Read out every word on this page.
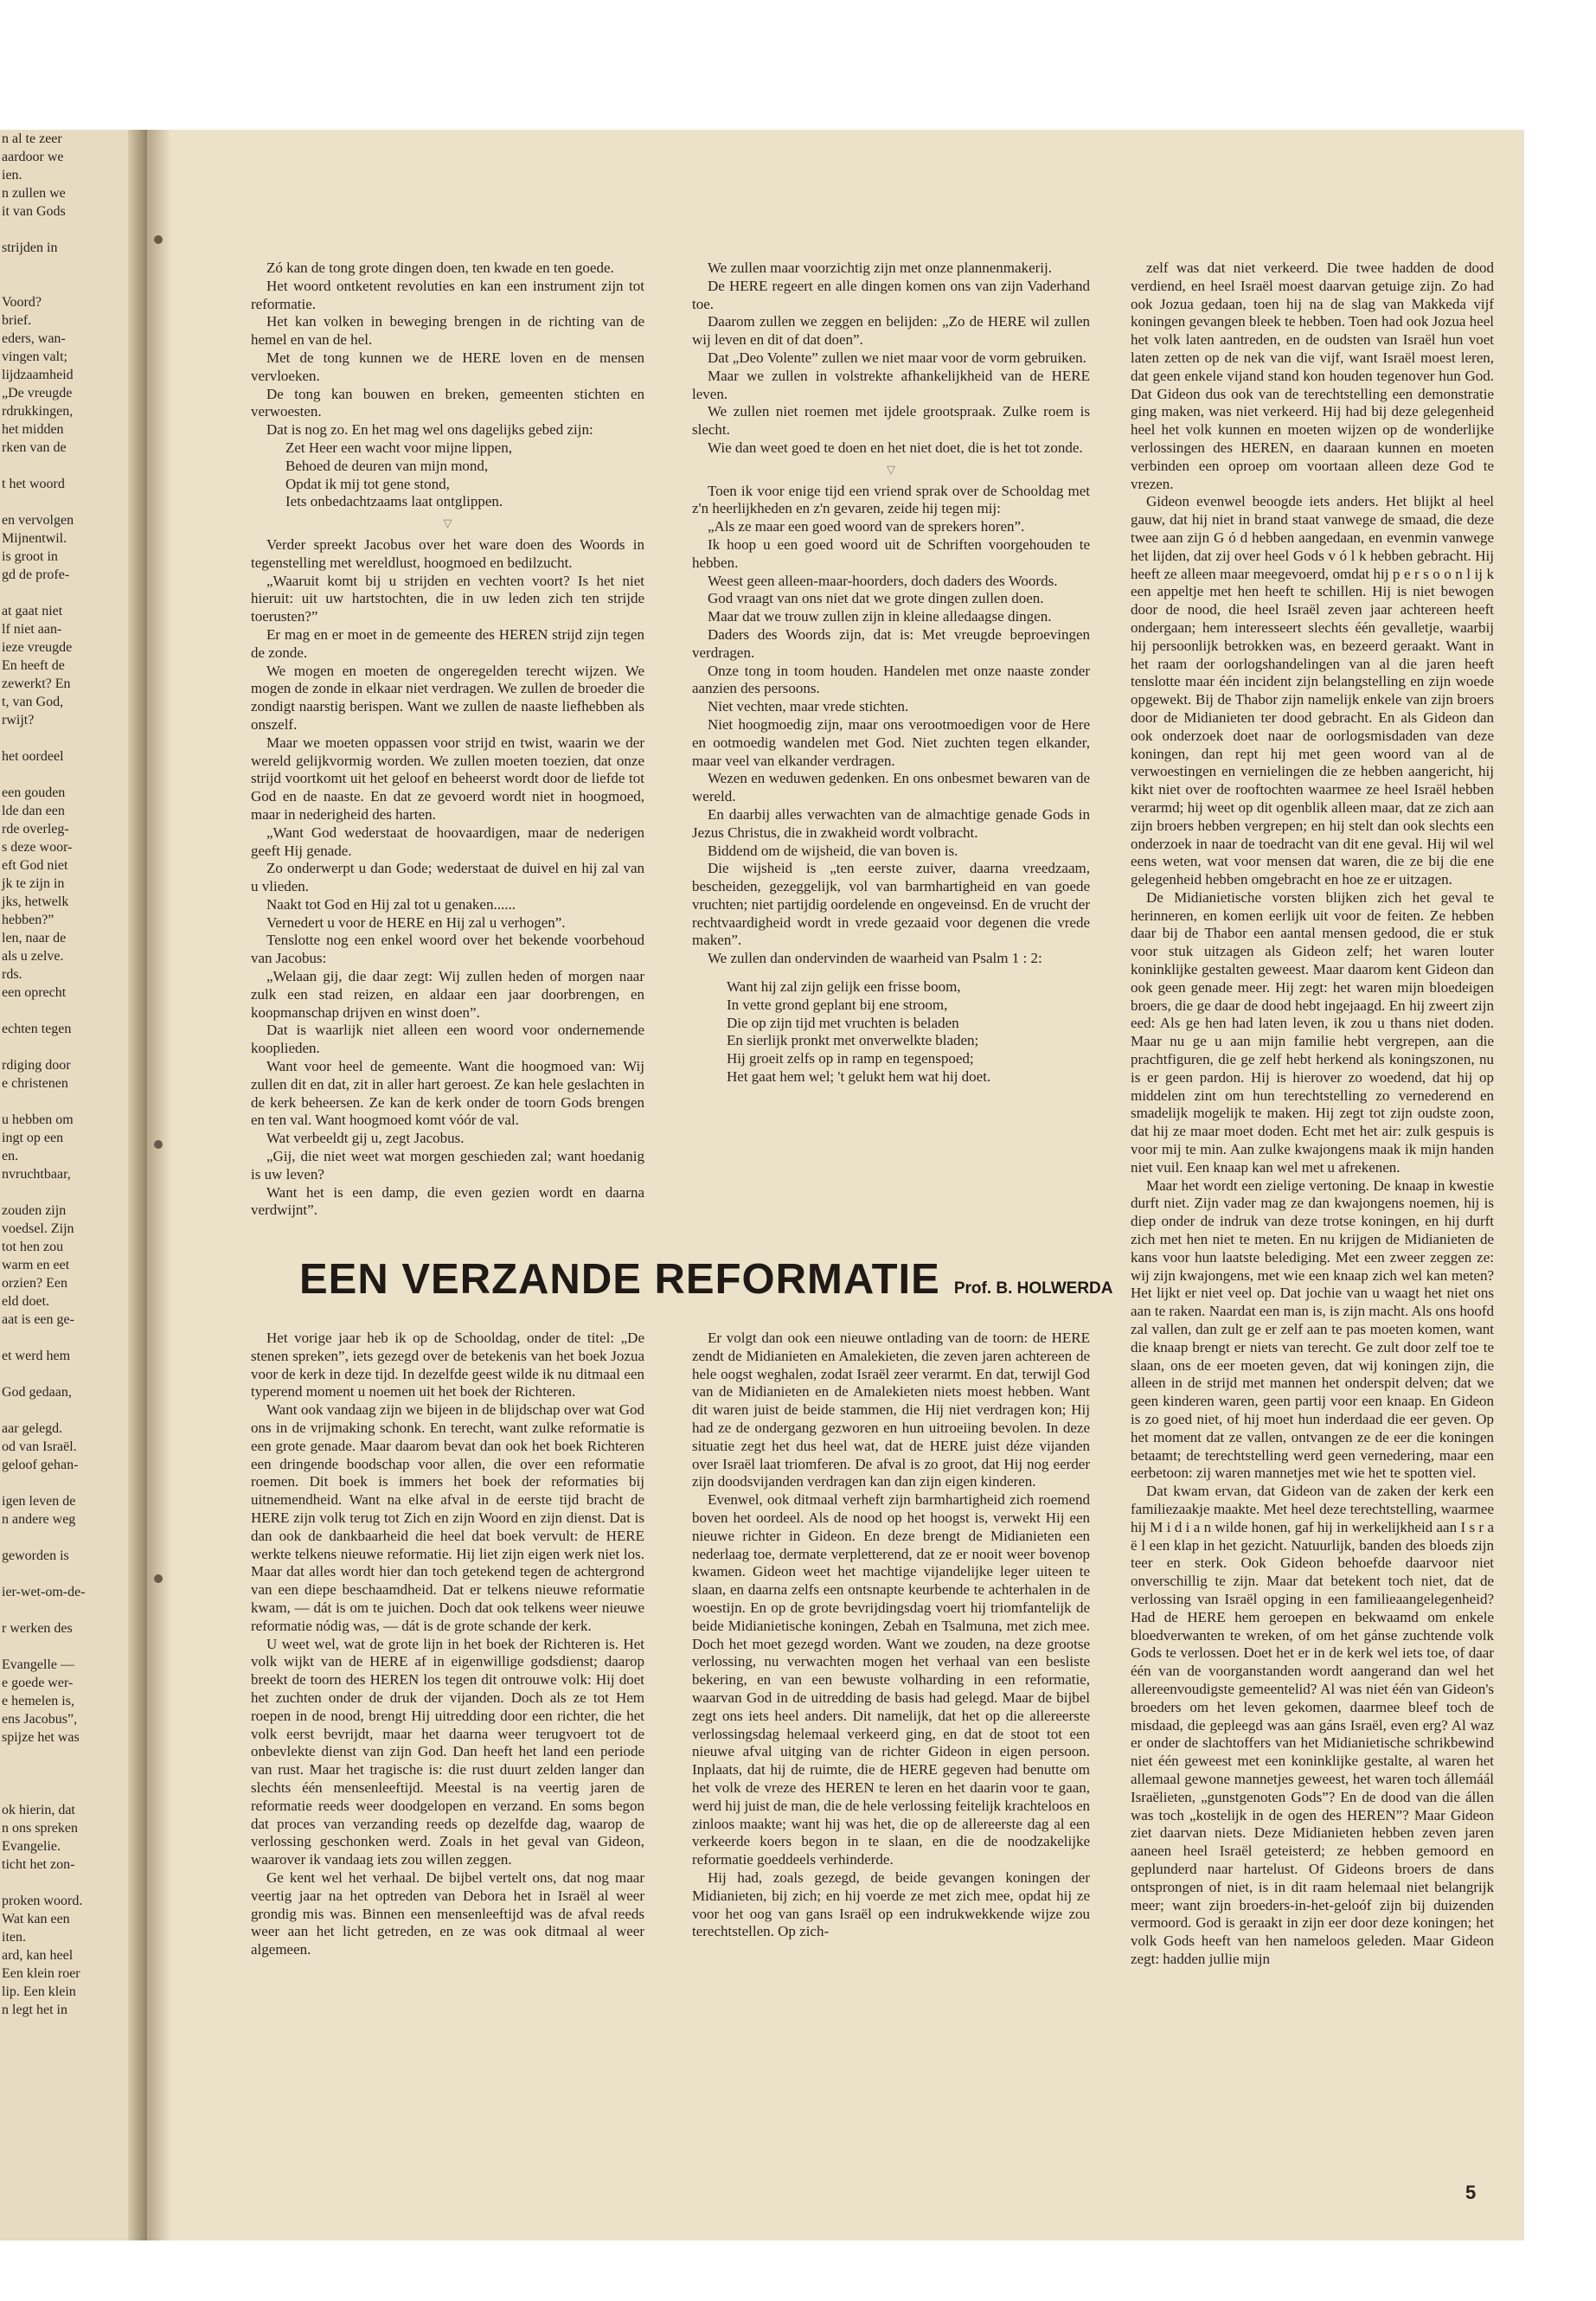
n al te zeer
aardoor we
ien.
n zullen we
it van Gods

strijden in

Voord?
brief.
eders, wan-
vingen valt;
lijdzaamheid
„De vreugde
rdrukkingen,
het midden
rken van de

t het woord

en vervolgen
Mijnentwil.
is groot in
gd de profe-

at gaat niet
lf niet aan-
ieze vreugde
En heeft de
zewerkt? En
t, van God,
rwijt?

het oordeel

een gouden
lde dan een
rde overleg-
s deze woor-
eft God niet
jk te zijn in
jks, hetwelk
hebben?”
len, naar de
als u zelve.
rds.
een oprecht

echten tegen

rdiging door
e christenen

u hebben om
ingt op een
en.
nvruchtbaar,

zouden zijn
voedsel. Zijn
tot hen zou
warm en eet
orzien? Een
eld doet.
aat is een ge-

et werd hem

God gedaan,

aar gelegd.
od van Israël.
geloof gehan-

igen leven de
n andere weg

geworden is

ier-wet-om-de-

r werken des

Evangelle —
e goede wer-
e hemelen is,
ens Jacobus”,
spijze het was

ok hierin, dat
n ons spreken
Evangelie.
ticht het zon-

proken woord.
Wat kan een
iten.
ard, kan heel
Een klein roer
lip. Een klein
n legt het in

Zó kan de tong grote dingen doen, ten kwade en ten goede.

Het woord ontketent revoluties en kan een instrument zijn tot reformatie.

Het kan volken in beweging brengen in de richting van de hemel en van de hel.

Met de tong kunnen we de HERE loven en de mensen vervloeken.

De tong kan bouwen en breken, gemeenten stichten en verwoesten.

Dat is nog zo. En het mag wel ons dagelijks gebed zijn:

Zet Heer een wacht voor mijne lippen,

Behoed de deuren van mijn mond,

Opdat ik mij tot gene stond,

Iets onbedachtzaams laat ontglippen.

▽

Verder spreekt Jacobus over het ware doen des Woords in tegenstelling met wereldlust, hoogmoed en bedilzucht.

„Waaruit komt bij u strijden en vechten voort? Is het niet hieruit: uit uw hartstochten, die in uw leden zich ten strijde toerusten?”

Er mag en er moet in de gemeente des HEREN strijd zijn tegen de zonde.

We mogen en moeten de ongeregelden terecht wijzen. We mogen de zonde in elkaar niet verdragen. We zullen de broeder die zondigt naarstig berispen. Want we zullen de naaste liefhebben als onszelf.

Maar we moeten oppassen voor strijd en twist, waarin we der wereld gelijkvormig worden. We zullen moeten toezien, dat onze strijd voortkomt uit het geloof en beheerst wordt door de liefde tot God en de naaste. En dat ze gevoerd wordt niet in hoogmoed, maar in nederigheid des harten.

„Want God wederstaat de hoovaardigen, maar de nederigen geeft Hij genade.

Zo onderwerpt u dan Gode; wederstaat de duivel en hij zal van u vlieden.

Naakt tot God en Hij zal tot u genaken......

Vernedert u voor de HERE en Hij zal u verhogen”.

Tenslotte nog een enkel woord over het bekende voorbehoud van Jacobus:

„Welaan gij, die daar zegt: Wij zullen heden of morgen naar zulk een stad reizen, en aldaar een jaar doorbrengen, en koopmanschap drijven en winst doen”.

Dat is waarlijk niet alleen een woord voor ondernemende kooplieden.

Want voor heel de gemeente. Want die hoogmoed van: Wij zullen dit en dat, zit in aller hart geroest. Ze kan hele geslachten in de kerk beheersen. Ze kan de kerk onder de toorn Gods brengen en ten val. Want hoogmoed komt vóór de val.

Wat verbeeldt gij u, zegt Jacobus.

„Gij, die niet weet wat morgen geschieden zal; want hoedanig is uw leven?

Want het is een damp, die even gezien wordt en daarna verdwijnt”.

We zullen maar voorzichtig zijn met onze plannenmakerij.

De HERE regeert en alle dingen komen ons van zijn Vaderhand toe.

Daarom zullen we zeggen en belijden: „Zo de HERE wil zullen wij leven en dit of dat doen”.

Dat „Deo Volente” zullen we niet maar voor de vorm gebruiken.

Maar we zullen in volstrekte afhankelijkheid van de HERE leven.

We zullen niet roemen met ijdele grootspraak. Zulke roem is slecht.

Wie dan weet goed te doen en het niet doet, die is het tot zonde.

▽

Toen ik voor enige tijd een vriend sprak over de Schooldag met z'n heerlijkheden en z'n gevaren, zeide hij tegen mij:

„Als ze maar een goed woord van de sprekers horen”.

Ik hoop u een goed woord uit de Schriften voorgehouden te hebben.

Weest geen alleen-maar-hoorders, doch daders des Woords.

God vraagt van ons niet dat we grote dingen zullen doen.

Maar dat we trouw zullen zijn in kleine alledaagse dingen.

Daders des Woords zijn, dat is: Met vreugde beproevingen verdragen.

Onze tong in toom houden. Handelen met onze naaste zonder aanzien des persoons.

Niet vechten, maar vrede stichten.

Niet hoogmoedig zijn, maar ons verootmoedigen voor de Here en ootmoedig wandelen met God. Niet zuchten tegen elkander, maar veel van elkander verdragen.

Wezen en weduwen gedenken. En ons onbesmet bewaren van de wereld.

En daarbij alles verwachten van de almachtige genade Gods in Jezus Christus, die in zwakheid wordt volbracht.

Biddend om de wijsheid, die van boven is.

Die wijsheid is „ten eerste zuiver, daarna vreedzaam, bescheiden, gezeggelijk, vol van barmhartigheid en van goede vruchten; niet partijdig oordelende en ongeveinsd. En de vrucht der rechtvaardigheid wordt in vrede gezaaid voor degenen die vrede maken”.

We zullen dan ondervinden de waarheid van Psalm 1 : 2:

Want hij zal zijn gelijk een frisse boom,

In vette grond geplant bij ene stroom,

Die op zijn tijd met vruchten is beladen

En sierlijk pronkt met onverwelkte bladen;

Hij groeit zelfs op in ramp en tegenspoed;

Het gaat hem wel; 't gelukt hem wat hij doet.

zelf was dat niet verkeerd. Die twee hadden de dood verdiend, en heel Israël moest daarvan getuige zijn. Zo had ook Jozua gedaan, toen hij na de slag van Makkeda vijf koningen gevangen bleek te hebben. Toen had ook Jozua heel het volk laten aantreden, en de oudsten van Israël hun voet laten zetten op de nek van die vijf, want Israël moest leren, dat geen enkele vijand stand kon houden tegenover hun God. Dat Gideon dus ook van de terechtstelling een demonstratie ging maken, was niet verkeerd. Hij had bij deze gelegenheid heel het volk kunnen en moeten wijzen op de wonderlijke verlossingen des HEREN, en daaraan kunnen en moeten verbinden een oproep om voortaan alleen deze God te vrezen.

Gideon evenwel beoogde iets anders. Het blijkt al heel gauw, dat hij niet in brand staat vanwege de smaad, die deze twee aan zijn G ó d hebben aangedaan, en evenmin vanwege het lijden, dat zij over heel Gods v ó l k hebben gebracht. Hij heeft ze alleen maar meegevoerd, omdat hij p e r s o o n l ij k een appeltje met hen heeft te schillen. Hij is niet bewogen door de nood, die heel Israël zeven jaar achtereen heeft ondergaan; hem interesseert slechts één gevalletje, waarbij hij persoonlijk betrokken was, en bezeerd geraakt. Want in het raam der oorlogshandelingen van al die jaren heeft tenslotte maar één incident zijn belangstelling en zijn woede opgewekt. Bij de Thabor zijn namelijk enkele van zijn broers door de Midianieten ter dood gebracht. En als Gideon dan ook onderzoek doet naar de oorlogsmisdaden van deze koningen, dan rept hij met geen woord van al de verwoestingen en vernielingen die ze hebben aangericht, hij kikt niet over de rooftochten waarmee ze heel Israël hebben verarmd; hij weet op dit ogenblik alleen maar, dat ze zich aan zijn broers hebben vergrepen; en hij stelt dan ook slechts een onderzoek in naar de toedracht van dit ene geval. Hij wil wel eens weten, wat voor mensen dat waren, die ze bij die ene gelegenheid hebben omgebracht en hoe ze er uitzagen.

De Midianietische vorsten blijken zich het geval te herinneren, en komen eerlijk uit voor de feiten. Ze hebben daar bij de Thabor een aantal mensen gedood, die er stuk voor stuk uitzagen als Gideon zelf; het waren louter koninklijke gestalten geweest. Maar daarom kent Gideon dan ook geen genade meer. Hij zegt: het waren mijn bloedeigen broers, die ge daar de dood hebt ingejaagd. En hij zweert zijn eed: Als ge hen had laten leven, ik zou u thans niet doden. Maar nu ge u aan mijn familie hebt vergrepen, aan die prachtfiguren, die ge zelf hebt herkend als koningszonen, nu is er geen pardon. Hij is hierover zo woedend, dat hij op middelen zint om hun terechtstelling zo vernederend en smadelijk mogelijk te maken. Hij zegt tot zijn oudste zoon, dat hij ze maar moet doden. Echt met het air: zulk gespuis is voor mij te min. Aan zulke kwajongens maak ik mijn handen niet vuil. Een knaap kan wel met u afrekenen.

Maar het wordt een zielige vertoning. De knaap in kwestie durft niet. Zijn vader mag ze dan kwajongens noemen, hij is diep onder de indruk van deze trotse koningen, en hij durft zich met hen niet te meten. En nu krijgen de Midianieten de kans voor hun laatste belediging. Met een zweer zeggen ze: wij zijn kwajongens, met wie een knaap zich wel kan meten? Het lijkt er niet veel op. Dat jochie van u waagt het niet ons aan te raken. Naardat een man is, is zijn macht. Als ons hoofd zal vallen, dan zult ge er zelf aan te pas moeten komen, want die knaap brengt er niets van terecht. Ge zult door zelf toe te slaan, ons de eer moeten geven, dat wij koningen zijn, die alleen in de strijd met mannen het onderspit delven; dat we geen kinderen waren, geen partij voor een knaap. En Gideon is zo goed niet, of hij moet hun inderdaad die eer geven. Op het moment dat ze vallen, ontvangen ze de eer die koningen betaamt; de terechtstelling werd geen vernedering, maar een eerbetoon: zij waren mannetjes met wie het te spotten viel.

Dat kwam ervan, dat Gideon van de zaken der kerk een familiezaakje maakte. Met heel deze terechtstelling, waarmee hij M i d i a n wilde honen, gaf hij in werkelijkheid aan I s r a ë l een klap in het gezicht. Natuurlijk, banden des bloeds zijn teer en sterk. Ook Gideon behoefde daarvoor niet onverschillig te zijn. Maar dat betekent toch niet, dat de verlossing van Israël opging in een familieaangelegenheid? Had de HERE hem geroepen en bekwaamd om enkele bloedverwanten te wreken, of om het gánse zuchtende volk Gods te verlossen. Doet het er in de kerk wel iets toe, of daar één van de voorganstanden wordt aangerand dan wel het allereenvoudigste gemeentelid? Al was niet één van Gideon's broeders om het leven gekomen, daarmee bleef toch de misdaad, die gepleegd was aan gáns Israël, even erg? Al waz er onder de slachtoffers van het Midianietische schrikbewind niet één geweest met een koninklijke gestalte, al waren het allemaal gewone mannetjes geweest, het waren toch állemáál Israëlieten, „gunstgenoten Gods”? En de dood van die állen was toch „kostelijk in de ogen des HEREN”? Maar Gideon ziet daarvan niets. Deze Midianieten hebben zeven jaren aaneen heel Israël geteisterd; ze hebben gemoord en geplunderd naar hartelust. Of Gideons broers de dans ontsprongen of niet, is in dit raam helemaal niet belangrijk meer; want zijn broeders-in-het-geloóf zijn bij duizenden vermoord. God is geraakt in zijn eer door deze koningen; het volk Gods heeft van hen nameloos geleden. Maar Gideon zegt: hadden jullie mijn

EEN VERZANDE REFORMATIE Prof. B. HOLWERDA

Het vorige jaar heb ik op de Schooldag, onder de titel: „De stenen spreken”, iets gezegd over de betekenis van het boek Jozua voor de kerk in deze tijd. In dezelfde geest wilde ik nu ditmaal een typerend moment u noemen uit het boek der Richteren.

Want ook vandaag zijn we bijeen in de blijdschap over wat God ons in de vrijmaking schonk. En terecht, want zulke reformatie is een grote genade. Maar daarom bevat dan ook het boek Richteren een dringende boodschap voor allen, die over een reformatie roemen. Dit boek is immers het boek der reformaties bij uitnemendheid. Want na elke afval in de eerste tijd bracht de HERE zijn volk terug tot Zich en zijn Woord en zijn dienst. Dat is dan ook de dankbaarheid die heel dat boek vervult: de HERE werkte telkens nieuwe reformatie. Hij liet zijn eigen werk niet los. Maar dat alles wordt hier dan toch getekend tegen de achtergrond van een diepe beschaamdheid. Dat er telkens nieuwe reformatie kwam, — dát is om te juichen. Doch dat ook telkens weer nieuwe reformatie nódig was, — dát is de grote schande der kerk.

U weet wel, wat de grote lijn in het boek der Richteren is. Het volk wijkt van de HERE af in eigenwillige godsdienst; daarop breekt de toorn des HEREN los tegen dit ontrouwe volk: Hij doet het zuchten onder de druk der vijanden. Doch als ze tot Hem roepen in de nood, brengt Hij uitredding door een richter, die het volk eerst bevrijdt, maar het daarna weer terugvoert tot de onbevlekte dienst van zijn God. Dan heeft het land een periode van rust. Maar het tragische is: die rust duurt zelden langer dan slechts één mensenleeftijd. Meestal is na veertig jaren de reformatie reeds weer doodgelopen en verzand. En soms begon dat proces van verzanding reeds op dezelfde dag, waarop de verlossing geschonken werd. Zoals in het geval van Gideon, waarover ik vandaag iets zou willen zeggen.

Ge kent wel het verhaal. De bijbel vertelt ons, dat nog maar veertig jaar na het optreden van Debora het in Israël al weer grondig mis was. Binnen een mensenleeftijd was de afval reeds weer aan het licht getreden, en ze was ook ditmaal al weer algemeen.

Er volgt dan ook een nieuwe ontlading van de toorn: de HERE zendt de Midianieten en Amalekieten, die zeven jaren achtereen de hele oogst weghalen, zodat Israël zeer verarmt. En dat, terwijl God van de Midianieten en de Amalekieten niets moest hebben. Want dit waren juist de beide stammen, die Hij niet verdragen kon; Hij had ze de ondergang gezworen en hun uitroeiing bevolen. In deze situatie zegt het dus heel wat, dat de HERE juist déze vijanden over Israël laat triomferen. De afval is zo groot, dat Hij nog eerder zijn doodsvijanden verdragen kan dan zijn eigen kinderen.

Evenwel, ook ditmaal verheft zijn barmhartigheid zich roemend boven het oordeel. Als de nood op het hoogst is, verwekt Hij een nieuwe richter in Gideon. En deze brengt de Midianieten een nederlaag toe, dermate verpletterend, dat ze er nooit weer bovenop kwamen. Gideon weet het machtige vijandelijke leger uiteen te slaan, en daarna zelfs een ontsnapte keurbende te achterhalen in de woestijn. En op de grote bevrijdingsdag voert hij triomfantelijk de beide Midianietische koningen, Zebah en Tsalmuna, met zich mee. Doch het moet gezegd worden. Want we zouden, na deze grootse verlossing, nu verwachten mogen het verhaal van een besliste bekering, en van een bewuste volharding in een reformatie, waarvan God in de uitredding de basis had gelegd. Maar de bijbel zegt ons iets heel anders. Dit namelijk, dat het op die allereerste verlossingsdag helemaal verkeerd ging, en dat de stoot tot een nieuwe afval uitging van de richter Gideon in eigen persoon. Inplaats, dat hij de ruimte, die de HERE gegeven had benutte om het volk de vreze des HEREN te leren en het daarin voor te gaan, werd hij juist de man, die de hele verlossing feitelijk krachteloos en zinloos maakte; want hij was het, die op de allereerste dag al een verkeerde koers begon in te slaan, en die de noodzakelijke reformatie goeddeels verhinderde.

Hij had, zoals gezegd, de beide gevangen koningen der Midianieten, bij zich; en hij voerde ze met zich mee, opdat hij ze voor het oog van gans Israël op een indrukwekkende wijze zou terechtstellen. Op zich-

5
